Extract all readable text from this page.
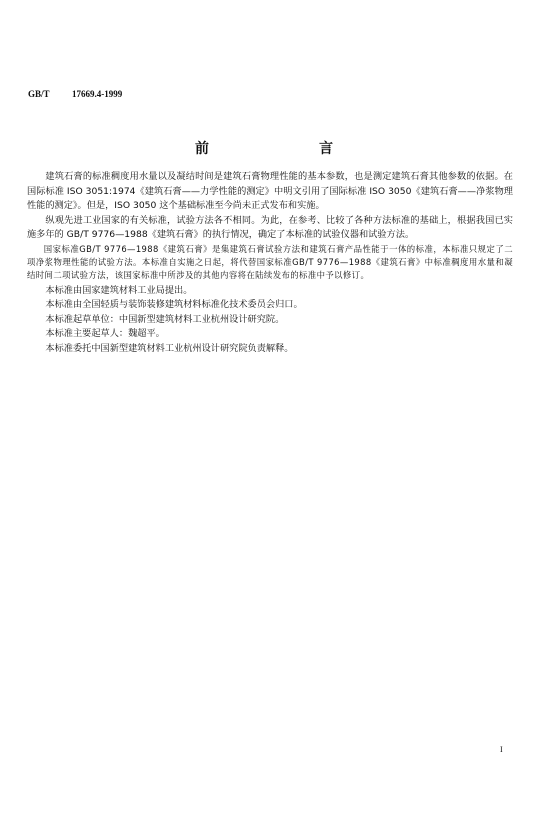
GB/T 17669.4-1999
前　言

建筑石膏的标准稠度用水量以及凝结时间是建筑石膏物理性能的基本参数，也是测定建筑石膏其他参数的依据。在国际标准 ISO 3051:1974《建筑石膏——力学性能的测定》中明文引用了国际标准 ISO 3050《建筑石膏——净浆物理性能的测定》。但是，ISO 3050 这个基础标准至今尚未正式发布和实施。

纵观先进工业国家的有关标准，试验方法各不相同。为此，在参考、比较了各种方法标准的基础上，根据我国已实施多年的 GB/T 9776—1988《建筑石膏》的执行情况，确定了本标准的试验仪器和试验方法。

国家标准GB/T 9776—1988《建筑石膏》是集建筑石膏试验方法和建筑石膏产品性能于一体的标准，本标准只规定了二项净浆物理性能的试验方法。本标准自实施之日起，将代替国家标准GB/T 9776—1988《建筑石膏》中标准稠度用水量和凝结时间二项试验方法，该国家标准中所涉及的其他内容将在陆续发布的标准中予以修订。

本标准由国家建筑材料工业局提出。

本标准由全国轻质与装饰装修建筑材料标准化技术委员会归口。

本标准起草单位：中国新型建筑材料工业杭州设计研究院。

本标准主要起草人：魏超平。

本标准委托中国新型建筑材料工业杭州设计研究院负责解释。

I
